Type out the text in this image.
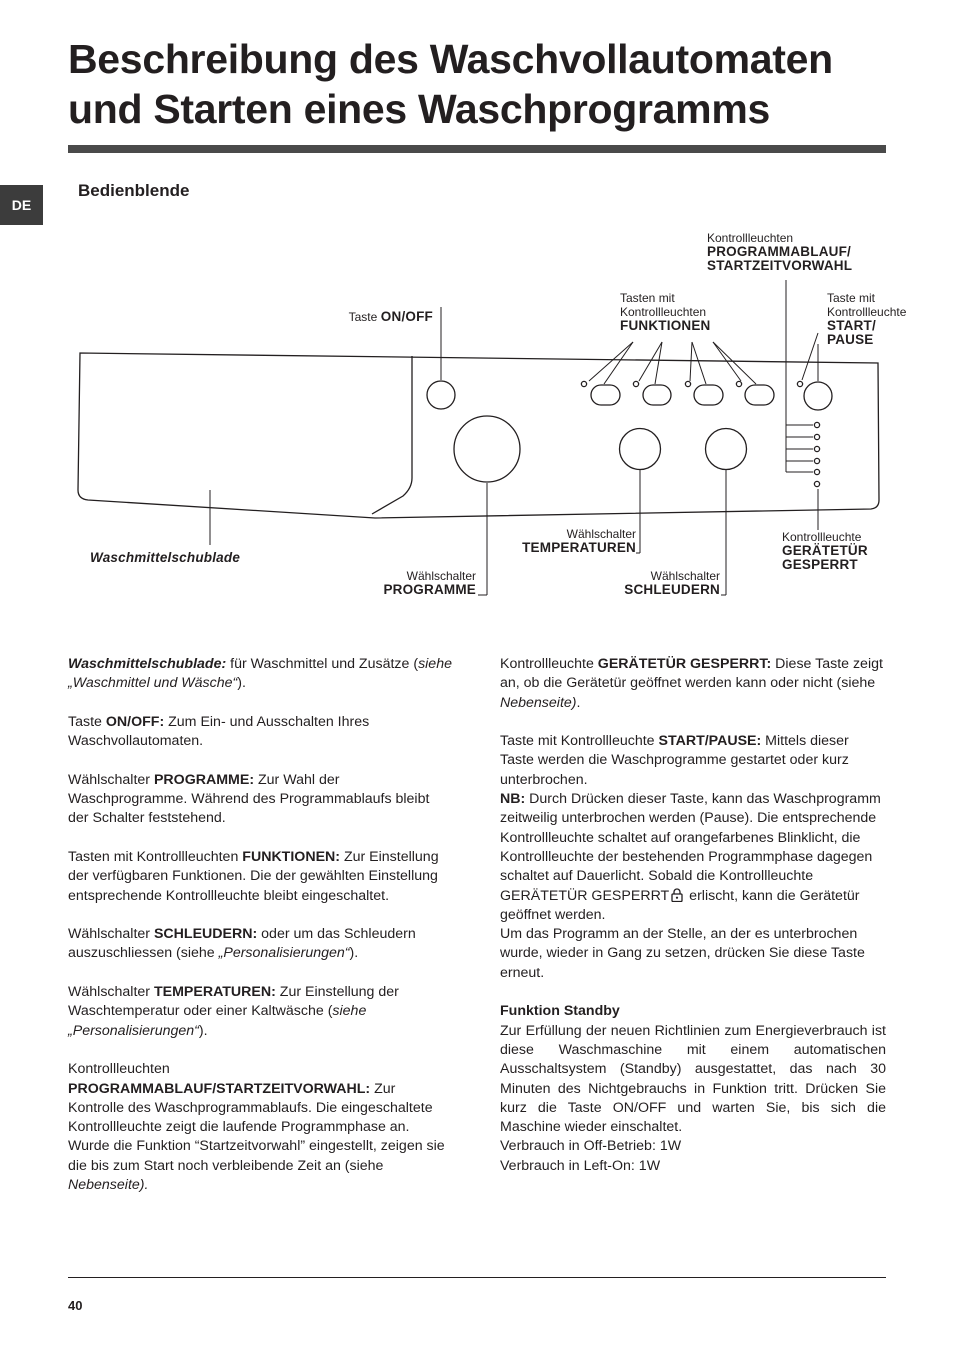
Beschreibung des Waschvollautomaten
und Starten eines Waschprogramms
DE
Bedienblende
Taste ON/OFF
Tasten mit
Kontrollleuchten
FUNKTIONEN
Kontrollleuchten
PROGRAMMABLAUF/
STARTZEITVORWAHL
Taste mit
Kontrollleuchte
START/
PAUSE
Waschmittelschublade
Wählschalter
PROGRAMME
Wählschalter
TEMPERATUREN
Wählschalter
SCHLEUDERN
Kontrollleuchte
GERÄTETÜR
GESPERRT

Waschmittelschublade: für Waschmittel und Zusätze (siehe „Waschmittel und Wäsche“).

Taste ON/OFF: Zum Ein- und Ausschalten Ihres Waschvollautomaten.

Wählschalter PROGRAMME: Zur Wahl der Waschprogramme. Während des Programmablaufs bleibt der Schalter feststehend.

Tasten mit Kontrollleuchten FUNKTIONEN: Zur Einstellung der verfügbaren Funktionen. Die der gewählten Einstellung entsprechende Kontrollleuchte bleibt eingeschaltet.

Wählschalter SCHLEUDERN: oder um das Schleudern auszuschliessen (siehe „Personalisierungen“).

Wählschalter TEMPERATUREN: Zur Einstellung der Waschtemperatur oder einer Kaltwäsche (siehe „Personalisierungen“).

Kontrollleuchten PROGRAMMABLAUF/STARTZEITVORWAHL: Zur Kontrolle des Waschprogrammablaufs. Die eingeschaltete Kontrollleuchte zeigt die laufende Programmphase an.

Wurde die Funktion “Startzeitvorwahl” eingestellt, zeigen sie die bis zum Start noch verbleibende Zeit an (siehe Nebenseite).

Kontrollleuchte GERÄTETÜR GESPERRT: Diese Taste zeigt an, ob die Gerätetür geöffnet werden kann oder nicht (siehe Nebenseite).

Taste mit Kontrollleuchte START/PAUSE: Mittels dieser Taste werden die Waschprogramme gestartet oder kurz unterbrochen.

NB: Durch Drücken dieser Taste, kann das Waschprogramm zeitweilig unterbrochen werden (Pause). Die entsprechende Kontrollleuchte schaltet auf orangefarbenes Blinklicht, die Kontrollleuchte der bestehenden Programmphase dagegen schaltet auf Dauerlicht. Sobald die Kontrollleuchte GERÄTETÜR GESPERRT erlischt, kann die Gerätetür geöffnet werden.

Um das Programm an der Stelle, an der es unterbrochen wurde, wieder in Gang zu setzen, drücken Sie diese Taste erneut.

Funktion Standby

Zur Erfüllung der neuen Richtlinien zum Energieverbrauch ist diese Waschmaschine mit einem automatischen Ausschaltsystem (Standby) ausgestattet, das nach 30 Minuten des Nichtgebrauchs in Funktion tritt. Drücken Sie kurz die Taste ON/OFF und warten Sie, bis sich die Maschine wieder einschaltet.

Verbrauch in Off-Betrieb: 1W

Verbrauch in Left-On: 1W

40
